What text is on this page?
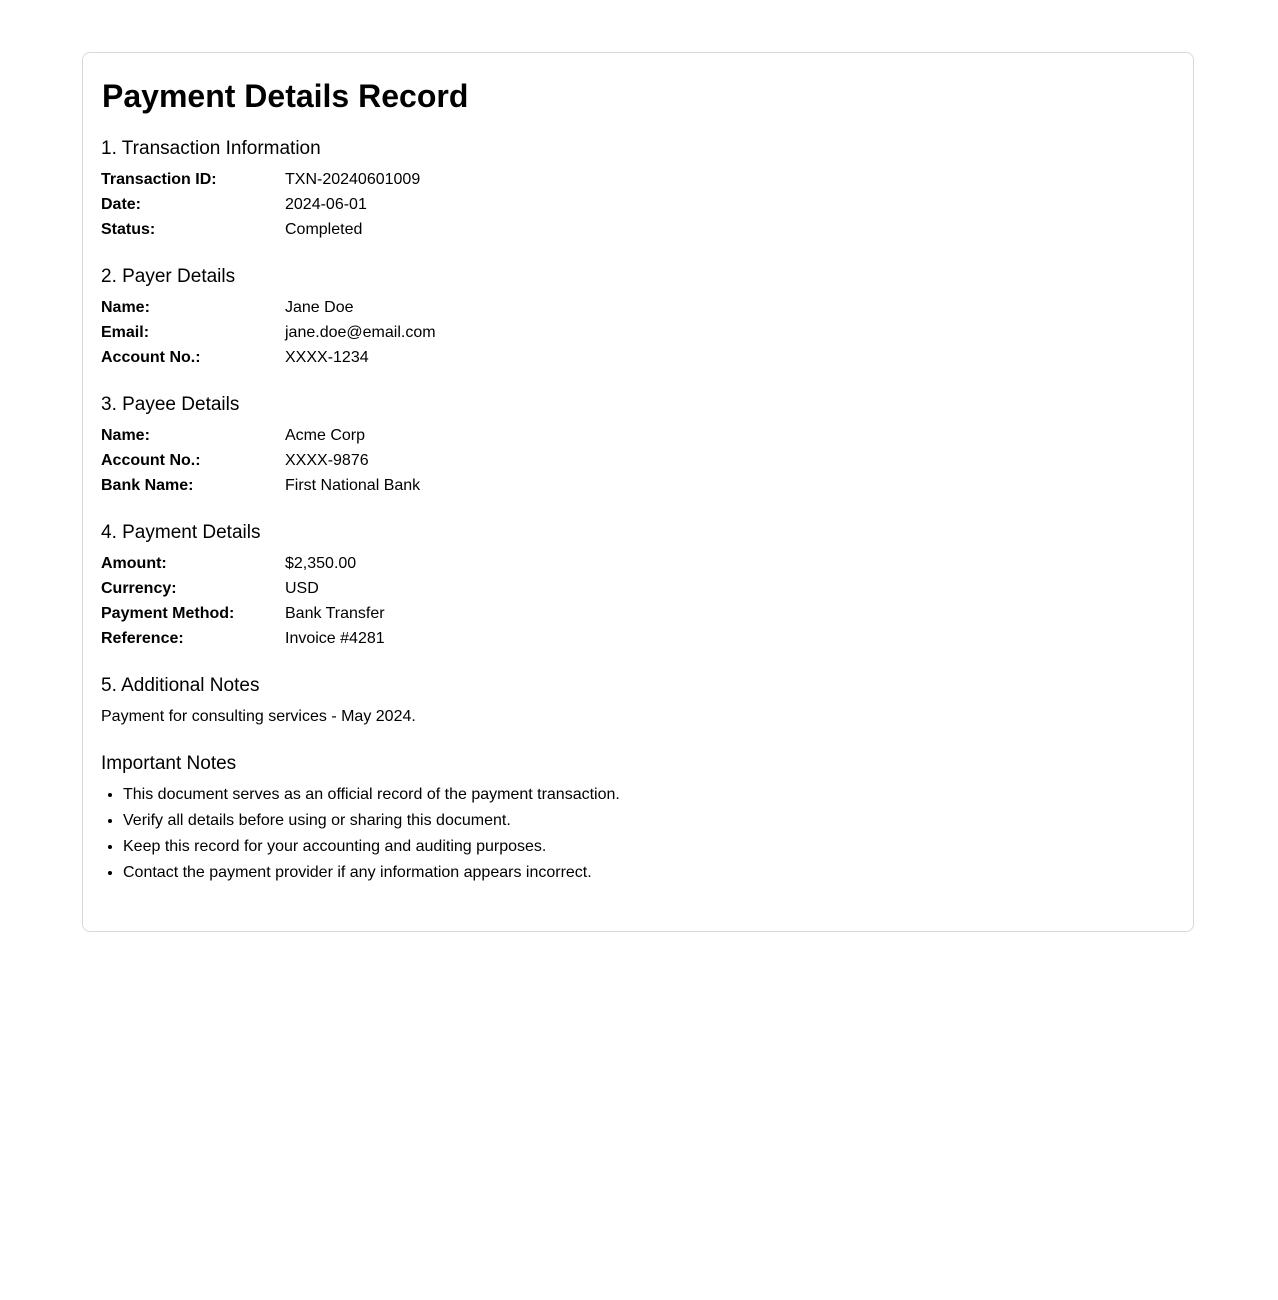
Payment Details Record
1. Transaction Information
Transaction ID:	TXN-20240601009
Date:	2024-06-01
Status:	Completed
2. Payer Details
Name:	Jane Doe
Email:	jane.doe@email.com
Account No.:	XXXX-1234
3. Payee Details
Name:	Acme Corp
Account No.:	XXXX-9876
Bank Name:	First National Bank
4. Payment Details
Amount:	$2,350.00
Currency:	USD
Payment Method:	Bank Transfer
Reference:	Invoice #4281
5. Additional Notes
Payment for consulting services - May 2024.
Important Notes
• This document serves as an official record of the payment transaction.
• Verify all details before using or sharing this document.
• Keep this record for your accounting and auditing purposes.
• Contact the payment provider if any information appears incorrect.
